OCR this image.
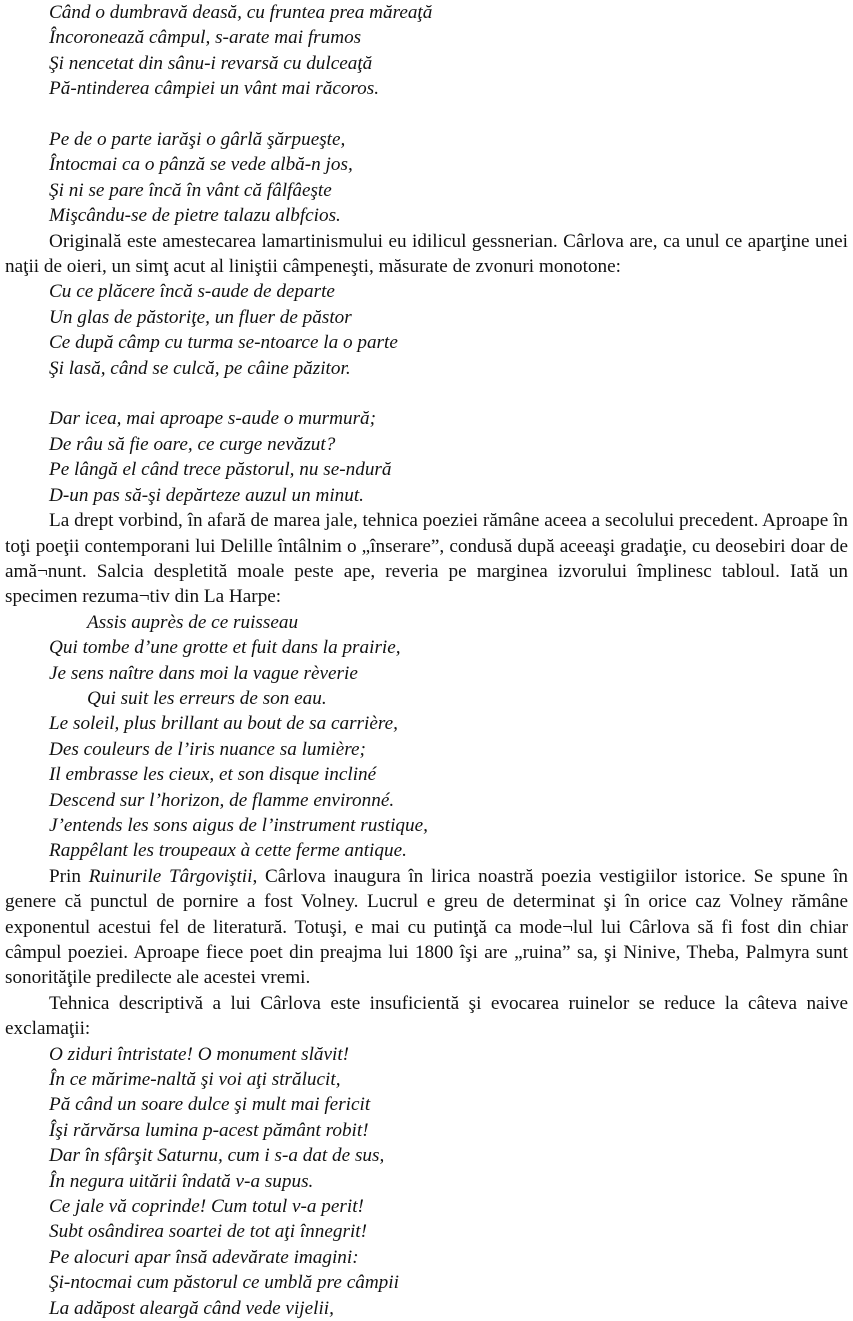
Când o dumbravă deasă, cu fruntea prea măreaţă
Încoronează câmpul, s-arate mai frumos
Şi nencetat din sânu-i revarsă cu dulceaţă
Pă-ntinderea câmpiei un vânt mai răcoros.
Pe de o parte iarăşi o gârlă şărpueşte,
Întocmai ca o pânză se vede albă-n jos,
Şi ni se pare încă în vânt că fâlfâeşte
Mişcându-se de pietre talazu albfcios.

Originală este amestecarea lamartinismului eu idilicul gessnerian. Cârlova are, ca unul ce aparţine unei naţii de oieri, un simţ acut al liniştii câmpeneşti, măsurate de zvonuri monotone:

Cu ce plăcere încă s-aude de departe
Un glas de păstoriţe, un fluer de păstor
Ce după câmp cu turma se-ntoarce la o parte
Şi lasă, când se culcă, pe câine păzitor.
Dar icea, mai aproape s-aude o murmură;
De râu să fie oare, ce curge nevăzut?
Pe lângă el când trece păstorul, nu se-ndură
D-un pas să-şi depărteze auzul un minut.

La drept vorbind, în afară de marea jale, tehnica poeziei rămâne aceea a secolului precedent. Aproape în toţi poeţii contemporani lui Delille întâlnim o „înserare”, condusă după aceeaşi gradaţie, cu deosebiri doar de amă¬nunt. Salcia despletită moale peste ape, reveria pe marginea izvorului împlinesc tabloul. Iată un specimen rezuma¬tiv din La Harpe:

Assis auprès de ce ruisseau
Qui tombe d’une grotte et fuit dans la prairie,
Je sens naître dans moi la vague rèverie
Qui suit les erreurs de son eau.
Le soleil, plus brillant au bout de sa carrière,
Des couleurs de l’iris nuance sa lumière;
Il embrasse les cieux, et son disque incliné
Descend sur l’horizon, de flamme environné.
J’entends les sons aigus de l’instrument rustique,
Rappêlant les troupeaux à cette ferme antique.

Prin Ruinurile Târgoviştii, Cârlova inaugura în lirica noastră poezia vestigiilor istorice. Se spune în genere că punctul de pornire a fost Volney. Lucrul e greu de determinat şi în orice caz Volney rămâne exponentul acestui fel de literatură. Totuşi, e mai cu putinţă ca mode¬lul lui Cârlova să fi fost din chiar câmpul poeziei. Aproape fiece poet din preajma lui 1800 îşi are „ruina” sa, şi Ninive, Theba, Palmyra sunt sonorităţile predilecte ale acestei vremi.

Tehnica descriptivă a lui Cârlova este insuficientă şi evocarea ruinelor se reduce la câteva naive exclamaţii:

O ziduri întristate! O monument slăvit!
În ce mărime-naltă şi voi aţi strălucit,
Pă când un soare dulce şi mult mai fericit
Îşi rărvărsa lumina p-acest pământ robit!
Dar în sfârşit Saturnu, cum i s-a dat de sus,
În negura uitării îndată v-a supus.
Ce jale vă coprinde! Cum totul v-a perit!
Subt osândirea soartei de tot aţi înnegrit!
Pe alocuri apar însă adevărate imagini:
Şi-ntocmai cum păstorul ce umblă pre câmpii
La adăpost aleargă când vede vijelii,
